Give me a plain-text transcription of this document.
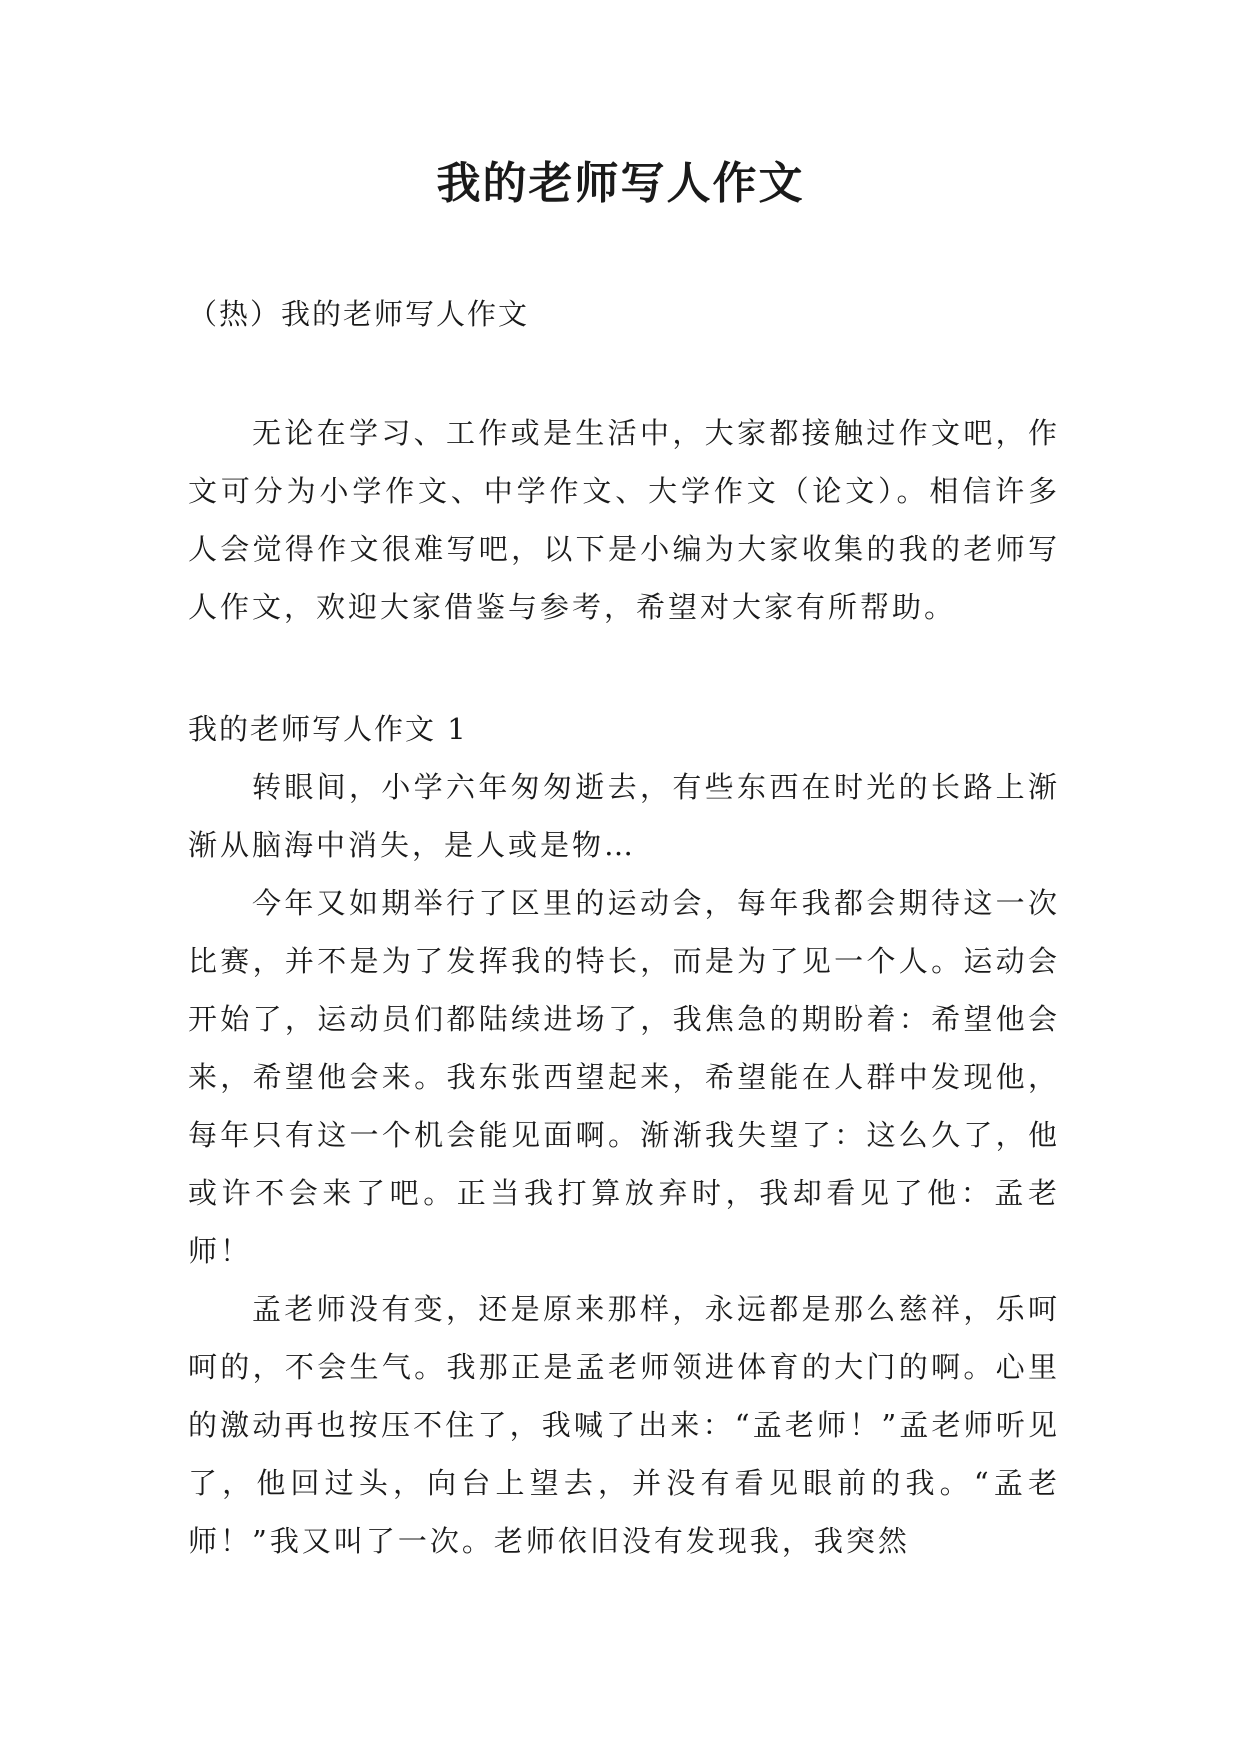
我的老师写人作文

（热）我的老师写人作文

无论在学习、工作或是生活中，大家都接触过作文吧，作文可分为小学作文、中学作文、大学作文（论文）。相信许多人会觉得作文很难写吧，以下是小编为大家收集的我的老师写人作文，欢迎大家借鉴与参考，希望对大家有所帮助。

我的老师写人作文 1

转眼间，小学六年匆匆逝去，有些东西在时光的长路上渐渐从脑海中消失，是人或是物…

今年又如期举行了区里的运动会，每年我都会期待这一次比赛，并不是为了发挥我的特长，而是为了见一个人。运动会开始了，运动员们都陆续进场了，我焦急的期盼着：希望他会来，希望他会来。我东张西望起来，希望能在人群中发现他，每年只有这一个机会能见面啊。渐渐我失望了：这么久了，他或许不会来了吧。正当我打算放弃时，我却看见了他：孟老师！

孟老师没有变，还是原来那样，永远都是那么慈祥，乐呵呵的，不会生气。我那正是孟老师领进体育的大门的啊。心里的激动再也按压不住了，我喊了出来：“孟老师！”孟老师听见了，他回过头，向台上望去，并没有看见眼前的我。“孟老师！”我又叫了一次。老师依旧没有发现我，我突然
